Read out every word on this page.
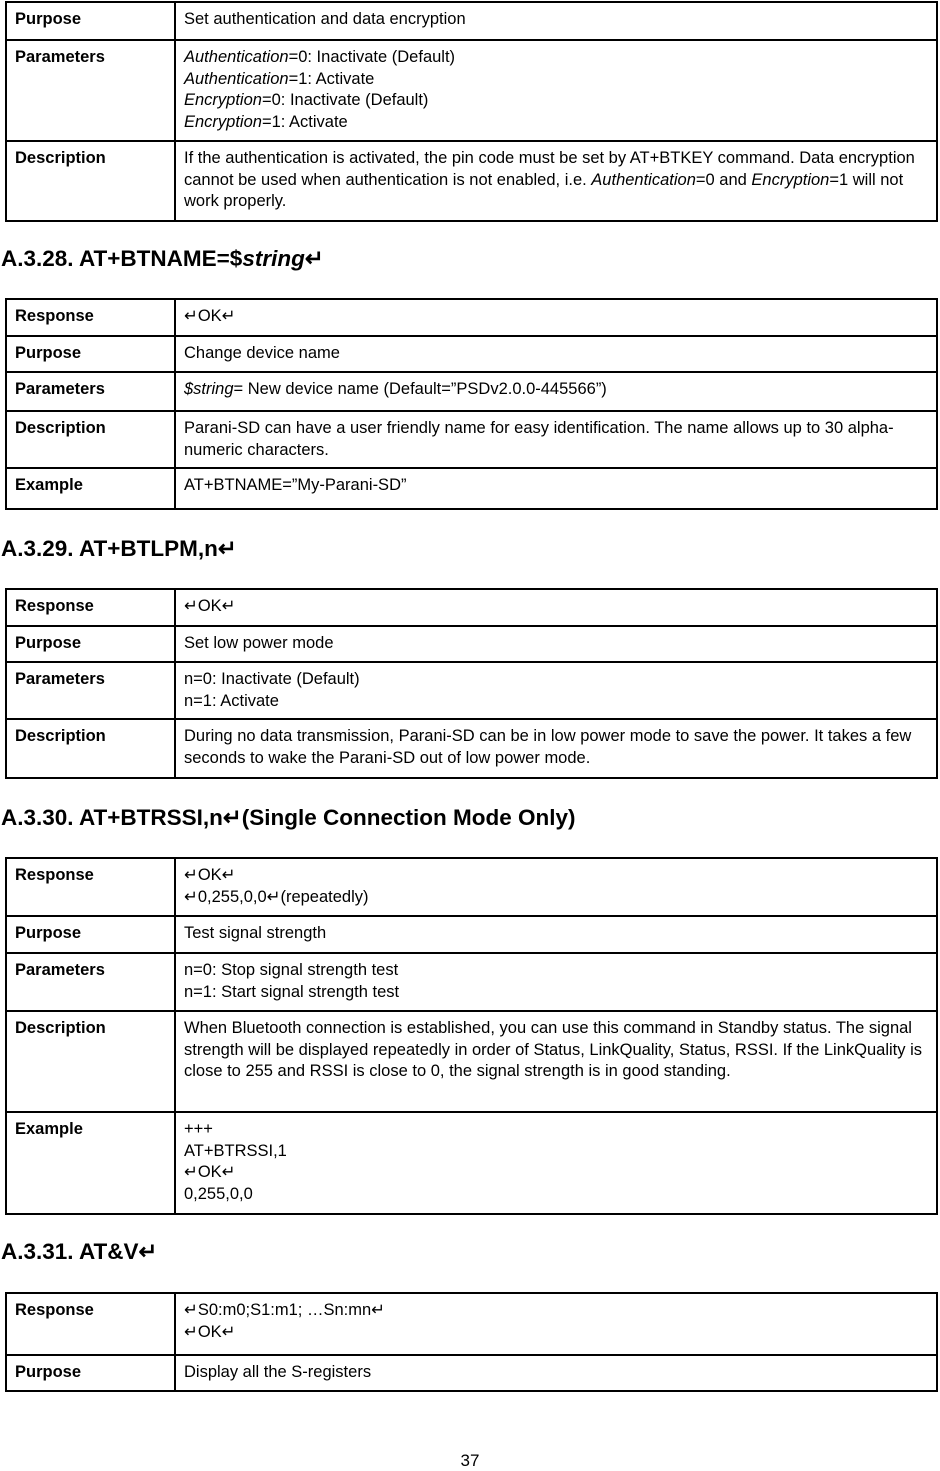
Purpose	Set authentication and data encryption

Parameters	Authentication=0: Inactivate (Default)
Authentication=1: Activate
Encryption=0: Inactivate (Default)
Encryption=1: Activate

Description	If the authentication is activated, the pin code must be set by AT+BTKEY command. Data encryption cannot be used when authentication is not enabled, i.e. Authentication=0 and Encryption=1 will not work properly.
A.3.28. AT+BTNAME=$string↵
Response	↵OK↵

Purpose	Change device name

Parameters	$string= New device name (Default=”PSDv2.0.0-445566”)

Description	Parani-SD can have a user friendly name for easy identification. The name allows up to 30 alpha-numeric characters.

Example	AT+BTNAME=”My-Parani-SD”
A.3.29. AT+BTLPM,n↵
Response	↵OK↵

Purpose	Set low power mode

Parameters	n=0: Inactivate (Default)
n=1: Activate

Description	During no data transmission, Parani-SD can be in low power mode to save the power. It takes a few seconds to wake the Parani-SD out of low power mode.
A.3.30. AT+BTRSSI,n↵(Single Connection Mode Only)
Response	↵OK↵
↵0,255,0,0↵(repeatedly)

Purpose	Test signal strength

Parameters	n=0: Stop signal strength test
n=1: Start signal strength test

Description	When Bluetooth connection is established, you can use this command in Standby status. The signal strength will be displayed repeatedly in order of Status, LinkQuality, Status, RSSI. If the LinkQuality is close to 255 and RSSI is close to 0, the signal strength is in good standing.

Example	+++
AT+BTRSSI,1
↵OK↵
0,255,0,0
A.3.31. AT&V↵
Response	↵S0:m0;S1:m1; …Sn:mn↵
↵OK↵

Purpose	Display all the S-registers
37
